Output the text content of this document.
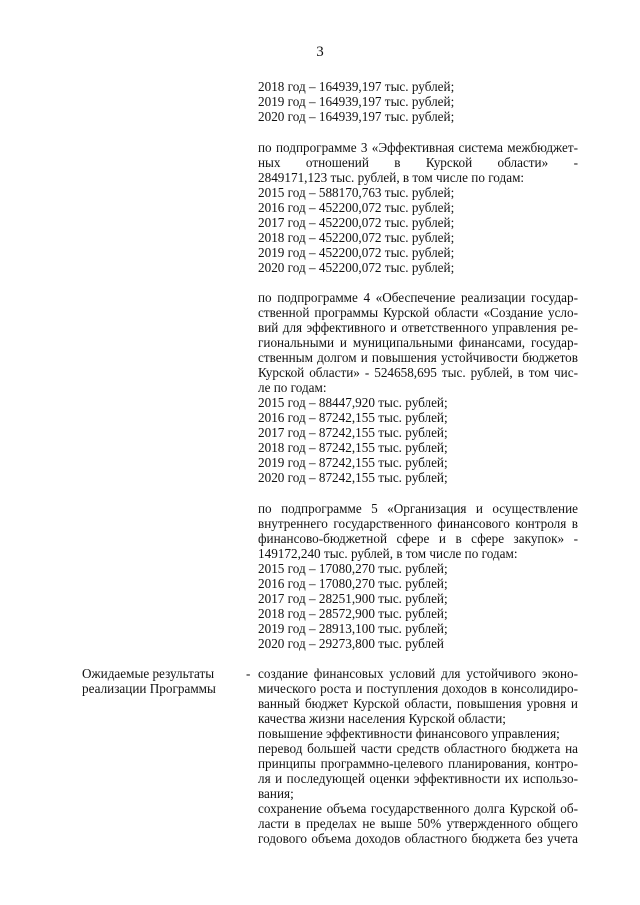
3
2018 год – 164939,197 тыс. рублей;
2019 год – 164939,197 тыс. рублей;
2020 год – 164939,197 тыс. рублей;
по подпрограмме 3 «Эффективная система межбюджет-
ных отношений в Курской области» -
2849171,123 тыс. рублей, в том числе по годам:
2015 год – 588170,763 тыс. рублей;
2016 год – 452200,072 тыс. рублей;
2017 год – 452200,072 тыс. рублей;
2018 год – 452200,072 тыс. рублей;
2019 год – 452200,072 тыс. рублей;
2020 год – 452200,072 тыс. рублей;
по подпрограмме 4 «Обеспечение реализации государ-
ственной программы Курской области «Создание усло-
вий для эффективного и ответственного управления ре-
гиональными и муниципальными финансами, государ-
ственным долгом и повышения устойчивости бюджетов
Курской области» - 524658,695 тыс. рублей, в том чис-
ле по годам:
2015 год – 88447,920 тыс. рублей;
2016 год – 87242,155 тыс. рублей;
2017 год – 87242,155 тыс. рублей;
2018 год – 87242,155 тыс. рублей;
2019 год – 87242,155 тыс. рублей;
2020 год – 87242,155 тыс. рублей;
по подпрограмме 5 «Организация и осуществление
внутреннего государственного финансового контроля в
финансово-бюджетной сфере и в сфере закупок» -
149172,240 тыс. рублей, в том числе по годам:
2015 год – 17080,270 тыс. рублей;
2016 год – 17080,270 тыс. рублей;
2017 год – 28251,900 тыс. рублей;
2018 год – 28572,900 тыс. рублей;
2019 год – 28913,100 тыс. рублей;
2020 год – 29273,800 тыс. рублей
Ожидаемые результаты
реализации Программы
- создание финансовых условий для устойчивого эконо-
мического роста и поступления доходов в консолидиро-
ванный бюджет Курской области, повышения уровня и
качества жизни населения Курской области;
повышение эффективности финансового управления;
перевод большей части средств областного бюджета на
принципы программно-целевого планирования, контро-
ля и последующей оценки эффективности их использо-
вания;
сохранение объема государственного долга Курской об-
ласти в пределах не выше 50% утвержденного общего
годового объема доходов областного бюджета без учета
